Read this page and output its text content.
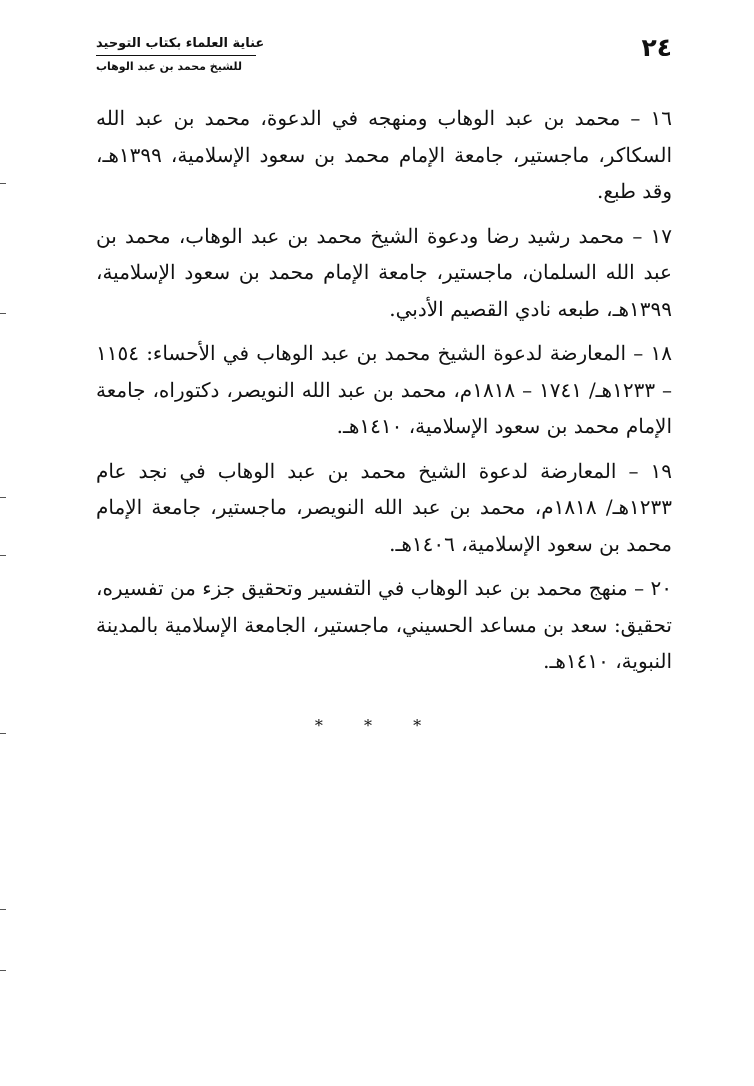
٢٤
عناية العلماء بكتاب التوحيد
للشيخ محمد بن عبد الوهاب

١٦ – محمد بن عبد الوهاب ومنهجه في الدعوة، محمد بن عبد الله السكاكر، ماجستير، جامعة الإمام محمد بن سعود الإسلامية، ١٣٩٩هـ، وقد طبع.

١٧ – محمد رشيد رضا ودعوة الشيخ محمد بن عبد الوهاب، محمد بن عبد الله السلمان، ماجستير، جامعة الإمام محمد بن سعود الإسلامية، ١٣٩٩هـ، طبعه نادي القصيم الأدبي.

١٨ – المعارضة لدعوة الشيخ محمد بن عبد الوهاب في الأحساء: ١١٥٤ – ١٢٣٣هـ/ ١٧٤١ – ١٨١٨م، محمد بن عبد الله النويصر، دكتوراه، جامعة الإمام محمد بن سعود الإسلامية، ١٤١٠هـ.

١٩ – المعارضة لدعوة الشيخ محمد بن عبد الوهاب في نجد عام ١٢٣٣هـ/ ١٨١٨م، محمد بن عبد الله النويصر، ماجستير، جامعة الإمام محمد بن سعود الإسلامية، ١٤٠٦هـ.

٢٠ – منهج محمد بن عبد الوهاب في التفسير وتحقيق جزء من تفسيره، تحقيق: سعد بن مساعد الحسيني، ماجستير، الجامعة الإسلامية بالمدينة النبوية، ١٤١٠هـ.

* * *
